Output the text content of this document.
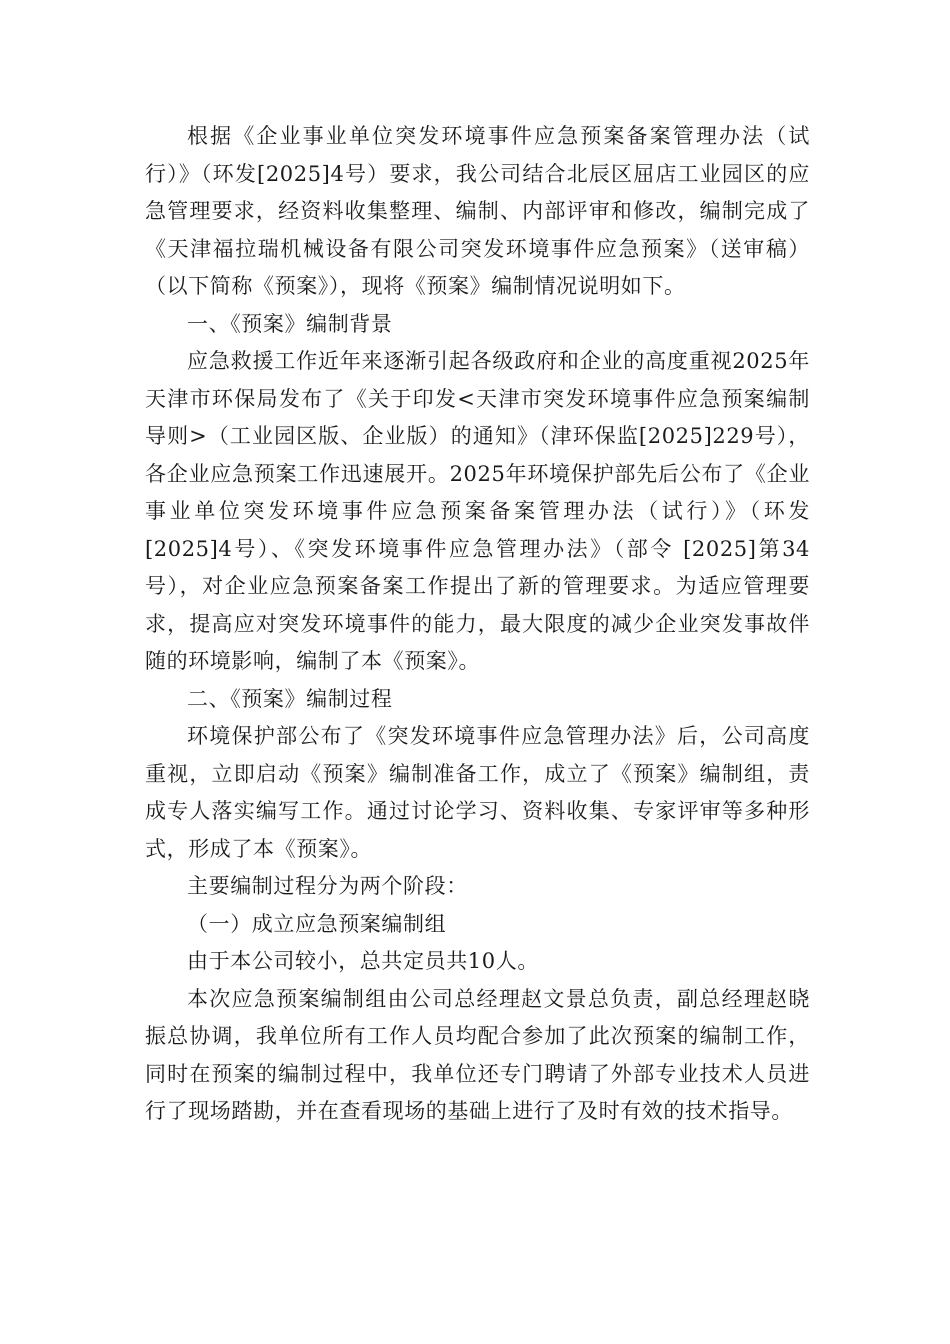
根据《企业事业单位突发环境事件应急预案备案管理办法（试行）》（环发[2025]4号）要求，我公司结合北辰区屈店工业园区的应急管理要求，经资料收集整理、编制、内部评审和修改，编制完成了《天津福拉瑞机械设备有限公司突发环境事件应急预案》（送审稿）（以下简称《预案》），现将《预案》编制情况说明如下。

一、《预案》编制背景

应急救援工作近年来逐渐引起各级政府和企业的高度重视2025年天津市环保局发布了《关于印发<天津市突发环境事件应急预案编制导则>（工业园区版、企业版）的通知》（津环保监[2025]229号），各企业应急预案工作迅速展开。2025年环境保护部先后公布了《企业事业单位突发环境事件应急预案备案管理办法（试行）》（环发[2025]4号）、《突发环境事件应急管理办法》（部令 [2025]第34号），对企业应急预案备案工作提出了新的管理要求。为适应管理要求，提高应对突发环境事件的能力，最大限度的减少企业突发事故伴随的环境影响，编制了本《预案》。

二、《预案》编制过程

环境保护部公布了《突发环境事件应急管理办法》后，公司高度重视，立即启动《预案》编制准备工作，成立了《预案》编制组，责成专人落实编写工作。通过讨论学习、资料收集、专家评审等多种形式，形成了本《预案》。

主要编制过程分为两个阶段：

（一）成立应急预案编制组

由于本公司较小，总共定员共10人。

本次应急预案编制组由公司总经理赵文景总负责，副总经理赵晓振总协调，我单位所有工作人员均配合参加了此次预案的编制工作，同时在预案的编制过程中，我单位还专门聘请了外部专业技术人员进行了现场踏勘，并在查看现场的基础上进行了及时有效的技术指导。
